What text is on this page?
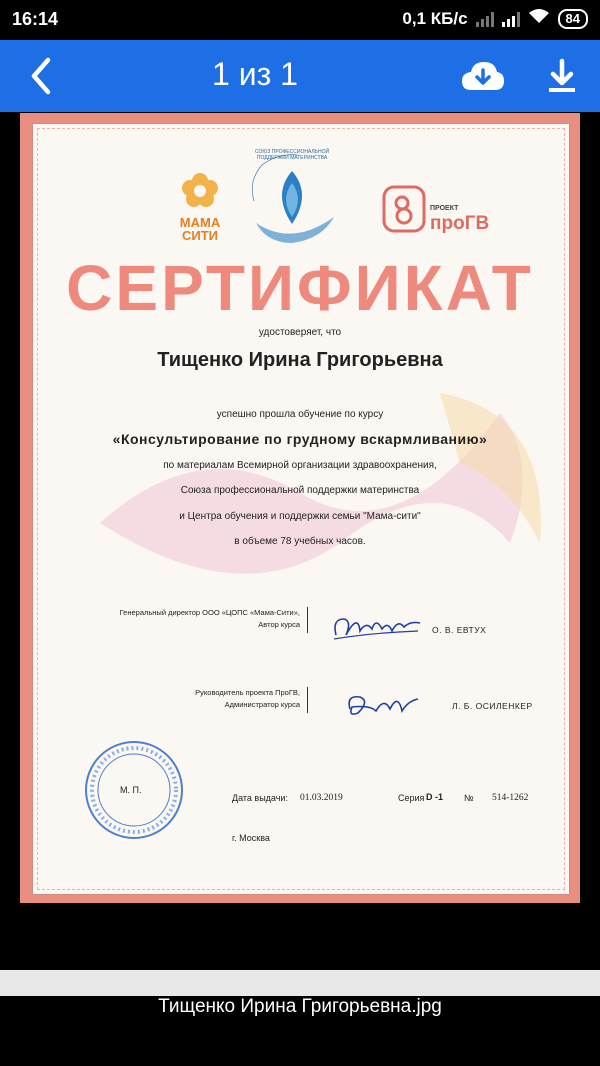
16:14	0,1 КБ/с	84
1 из 1
МАМА
СИТИ
СОЮЗ ПРОФЕССИОНАЛЬНОЙ ПОДДЕРЖКИ МАТЕРИНСТВА
ПРОЕКТ
проГВ
СЕРТИФИКАТ
удостоверяет, что
Тищенко Ирина Григорьевна
успешно прошла обучение по курсу
«Консультирование по грудному вскармливанию»
по материалам Всемирной организации здравоохранения,
Союза профессиональной поддержки материнства
и Центра обучения и поддержки семьи "Мама-сити"
в объеме 78 учебных часов.
Генеральный директор ООО «ЦОПС «Мама-Сити»,
Автор курса
О. В. ЕВТУХ
Руководитель проекта ПроГВ,
Администратор курса	Л. Б. ОСИЛЕНКЕР
М. П.
Дата выдачи: 01.03.2019	Серия D -1 № 514-1262
г. Москва
Тищенко Ирина Григорьевна.jpg
